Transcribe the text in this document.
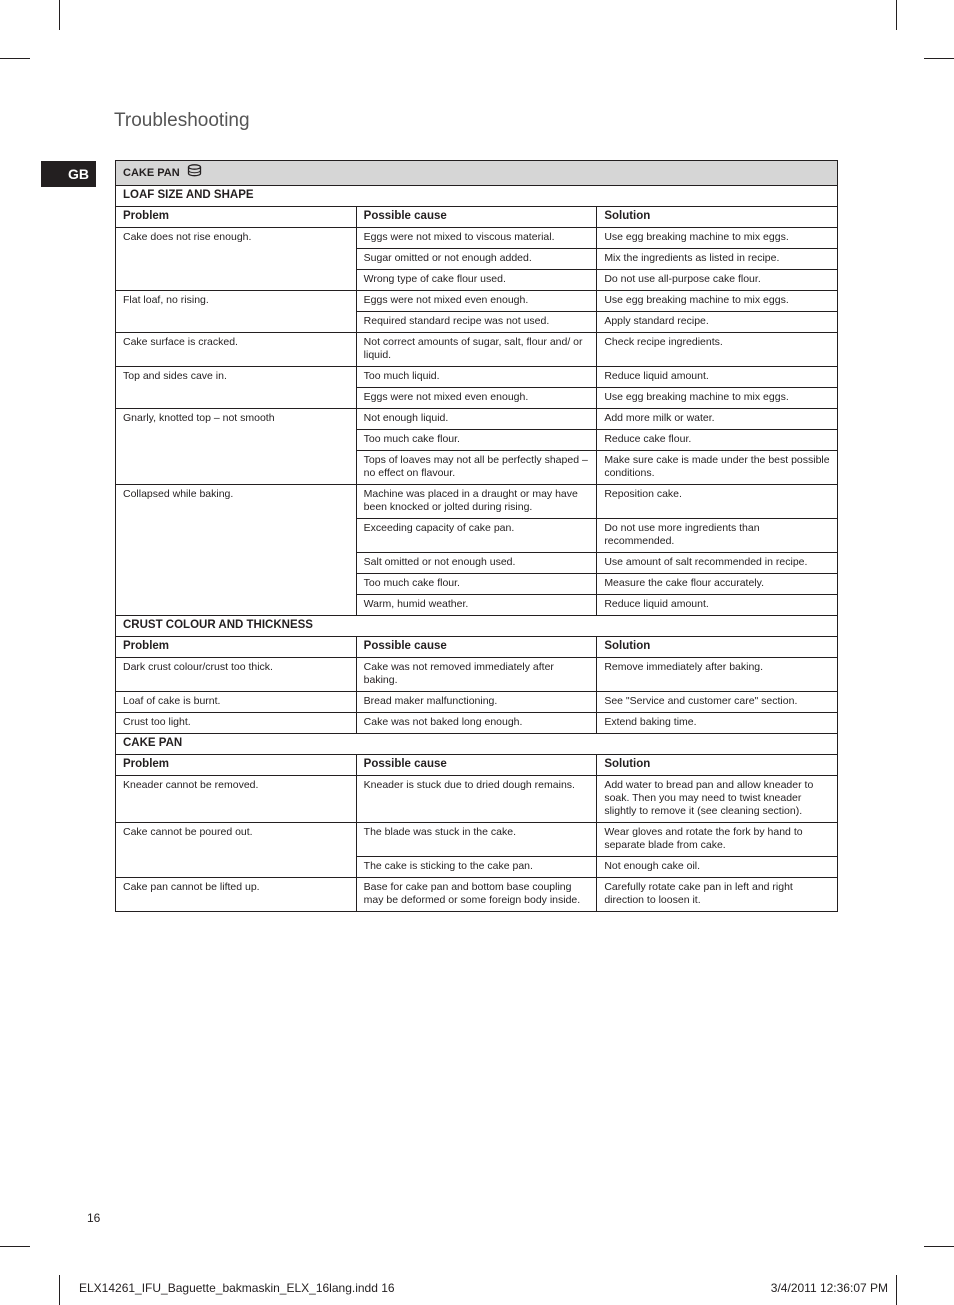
Troubleshooting
GB	CAKE PAN		
LOAF SIZE AND SHAPE		
Problem	Possible cause	Solution
Cake does not rise enough.	Eggs were not mixed to viscous material.	Use egg breaking machine to mix eggs.
	Sugar omitted or not enough added.	Mix the ingredients as listed in recipe.
	Wrong type of cake flour used.	Do not use all-purpose cake flour.
Flat loaf, no rising.	Eggs were not mixed even enough.	Use egg breaking machine to mix eggs.
	Required standard recipe was not used.	Apply standard recipe.
Cake surface is cracked.	Not correct amounts of sugar, salt, flour and/ or liquid.	Check recipe ingredients.
Top and sides cave in.	Too much liquid.	Reduce liquid amount.
	Eggs were not mixed even enough.	Use egg breaking machine to mix eggs.
Gnarly, knotted top – not smooth	Not enough liquid.	Add more milk or water.
	Too much cake flour.	Reduce cake flour.
	Tops of loaves may not all be perfectly shaped – no effect on flavour.	Make sure cake is made under the best possible conditions.
Collapsed while baking.	Machine was placed in a draught or may have been knocked or jolted during rising.	Reposition cake.
	Exceeding capacity of cake pan.	Do not use more ingredients than recommended.
	Salt omitted or not enough used.	Use amount of salt recommended in recipe.
	Too much cake flour.	Measure the cake flour accurately.
	Warm, humid weather.	Reduce liquid amount.
CRUST COLOUR AND THICKNESS		
Problem	Possible cause	Solution
Dark crust colour/crust too thick.	Cake was not removed immediately after baking.	Remove immediately after baking.
Loaf of cake is burnt.	Bread maker malfunctioning.	See "Service and customer care" section.
Crust too light.	Cake was not baked long enough.	Extend baking time.
CAKE PAN		
Problem	Possible cause	Solution
Kneader cannot be removed.	Kneader is stuck due to dried dough remains.	Add water to bread pan and allow kneader to soak. Then you may need to twist kneader slightly to remove it (see cleaning section).
Cake cannot be poured out.	The blade was stuck in the cake.	Wear gloves and rotate the fork by hand to separate blade from cake.
	The cake is sticking to the cake pan.	Not enough cake oil.
Cake pan cannot be lifted up.	Base for cake pan and bottom base coupling may be deformed or some foreign body inside.	Carefully rotate cake pan in left and right direction to loosen it.
16
ELX14261_IFU_Baguette_bakmaskin_ELX_16lang.indd 16	3/4/2011 12:36:07 PM
